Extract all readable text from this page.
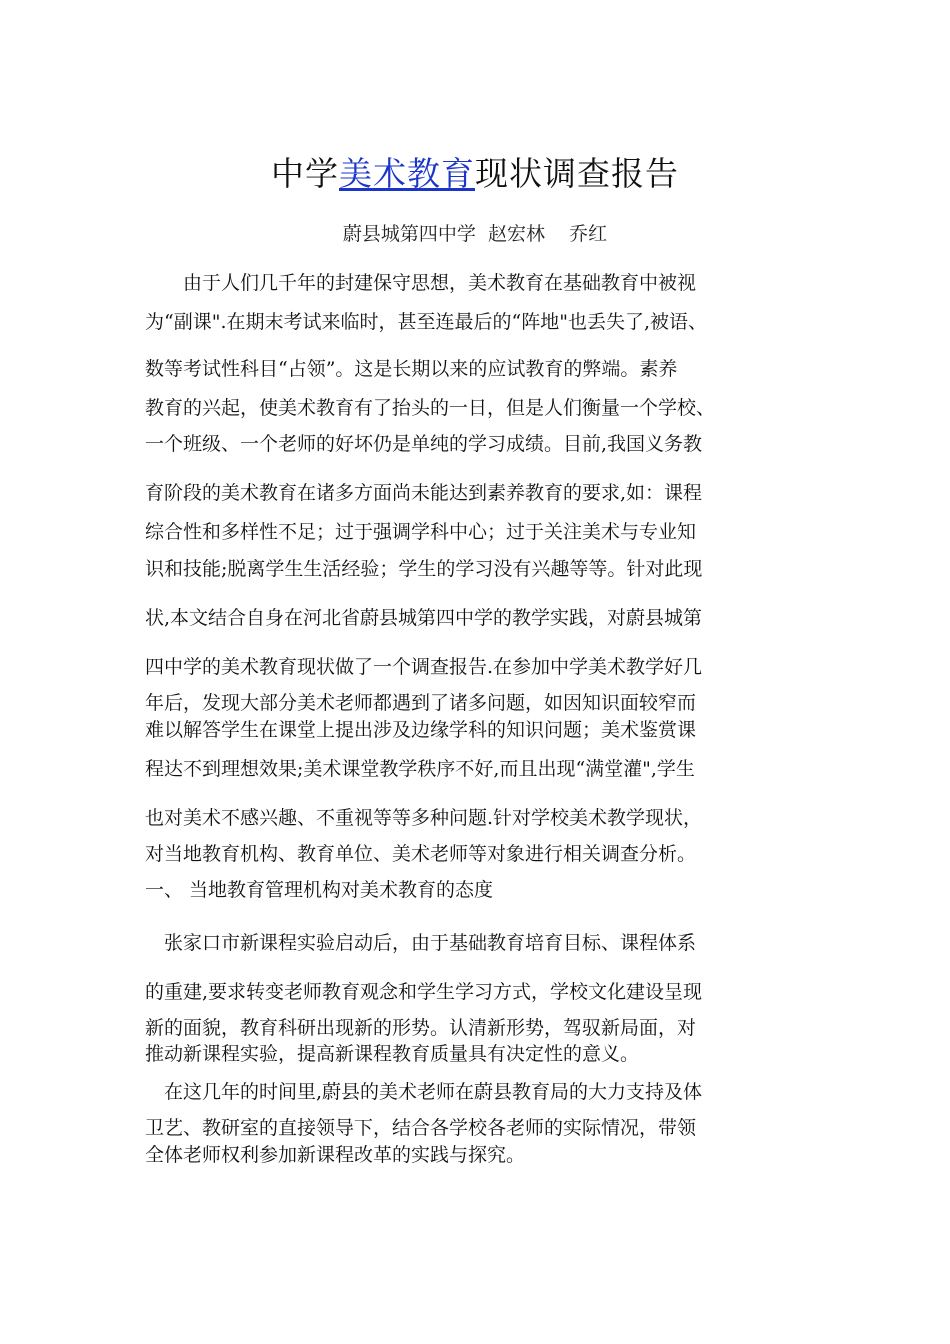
中学美术教育现状调查报告
蔚县城第四中学  赵宏林    乔红
　　由于人们几千年的封建保守思想，美术教育在基础教育中被视
为“副课".在期末考试来临时，甚至连最后的“阵地"也丢失了,被语、
数等考试性科目“占领”。这是长期以来的应试教育的弊端。素养
教育的兴起，使美术教育有了抬头的一日，但是人们衡量一个学校、
一个班级、一个老师的好坏仍是单纯的学习成绩。目前,我国义务教
育阶段的美术教育在诸多方面尚未能达到素养教育的要求,如：课程
综合性和多样性不足；过于强调学科中心；过于关注美术与专业知
识和技能;脱离学生生活经验；学生的学习没有兴趣等等。针对此现
状,本文结合自身在河北省蔚县城第四中学的教学实践，对蔚县城第
四中学的美术教育现状做了一个调查报告.在参加中学美术教学好几
年后，发现大部分美术老师都遇到了诸多问题，如因知识面较窄而
难以解答学生在课堂上提出涉及边缘学科的知识问题；美术鉴赏课
程达不到理想效果;美术课堂教学秩序不好,而且出现“满堂灌",学生
也对美术不感兴趣、不重视等等多种问题.针对学校美术教学现状，
对当地教育机构、教育单位、美术老师等对象进行相关调查分析。
一、 当地教育管理机构对美术教育的态度
　张家口市新课程实验启动后，由于基础教育培育目标、课程体系
的重建,要求转变老师教育观念和学生学习方式，学校文化建设呈现
新的面貌，教育科研出现新的形势。认清新形势，驾驭新局面，对
推动新课程实验，提高新课程教育质量具有决定性的意义。
　在这几年的时间里,蔚县的美术老师在蔚县教育局的大力支持及体
卫艺、教研室的直接领导下，结合各学校各老师的实际情况，带领
全体老师权利参加新课程改革的实践与探究。
